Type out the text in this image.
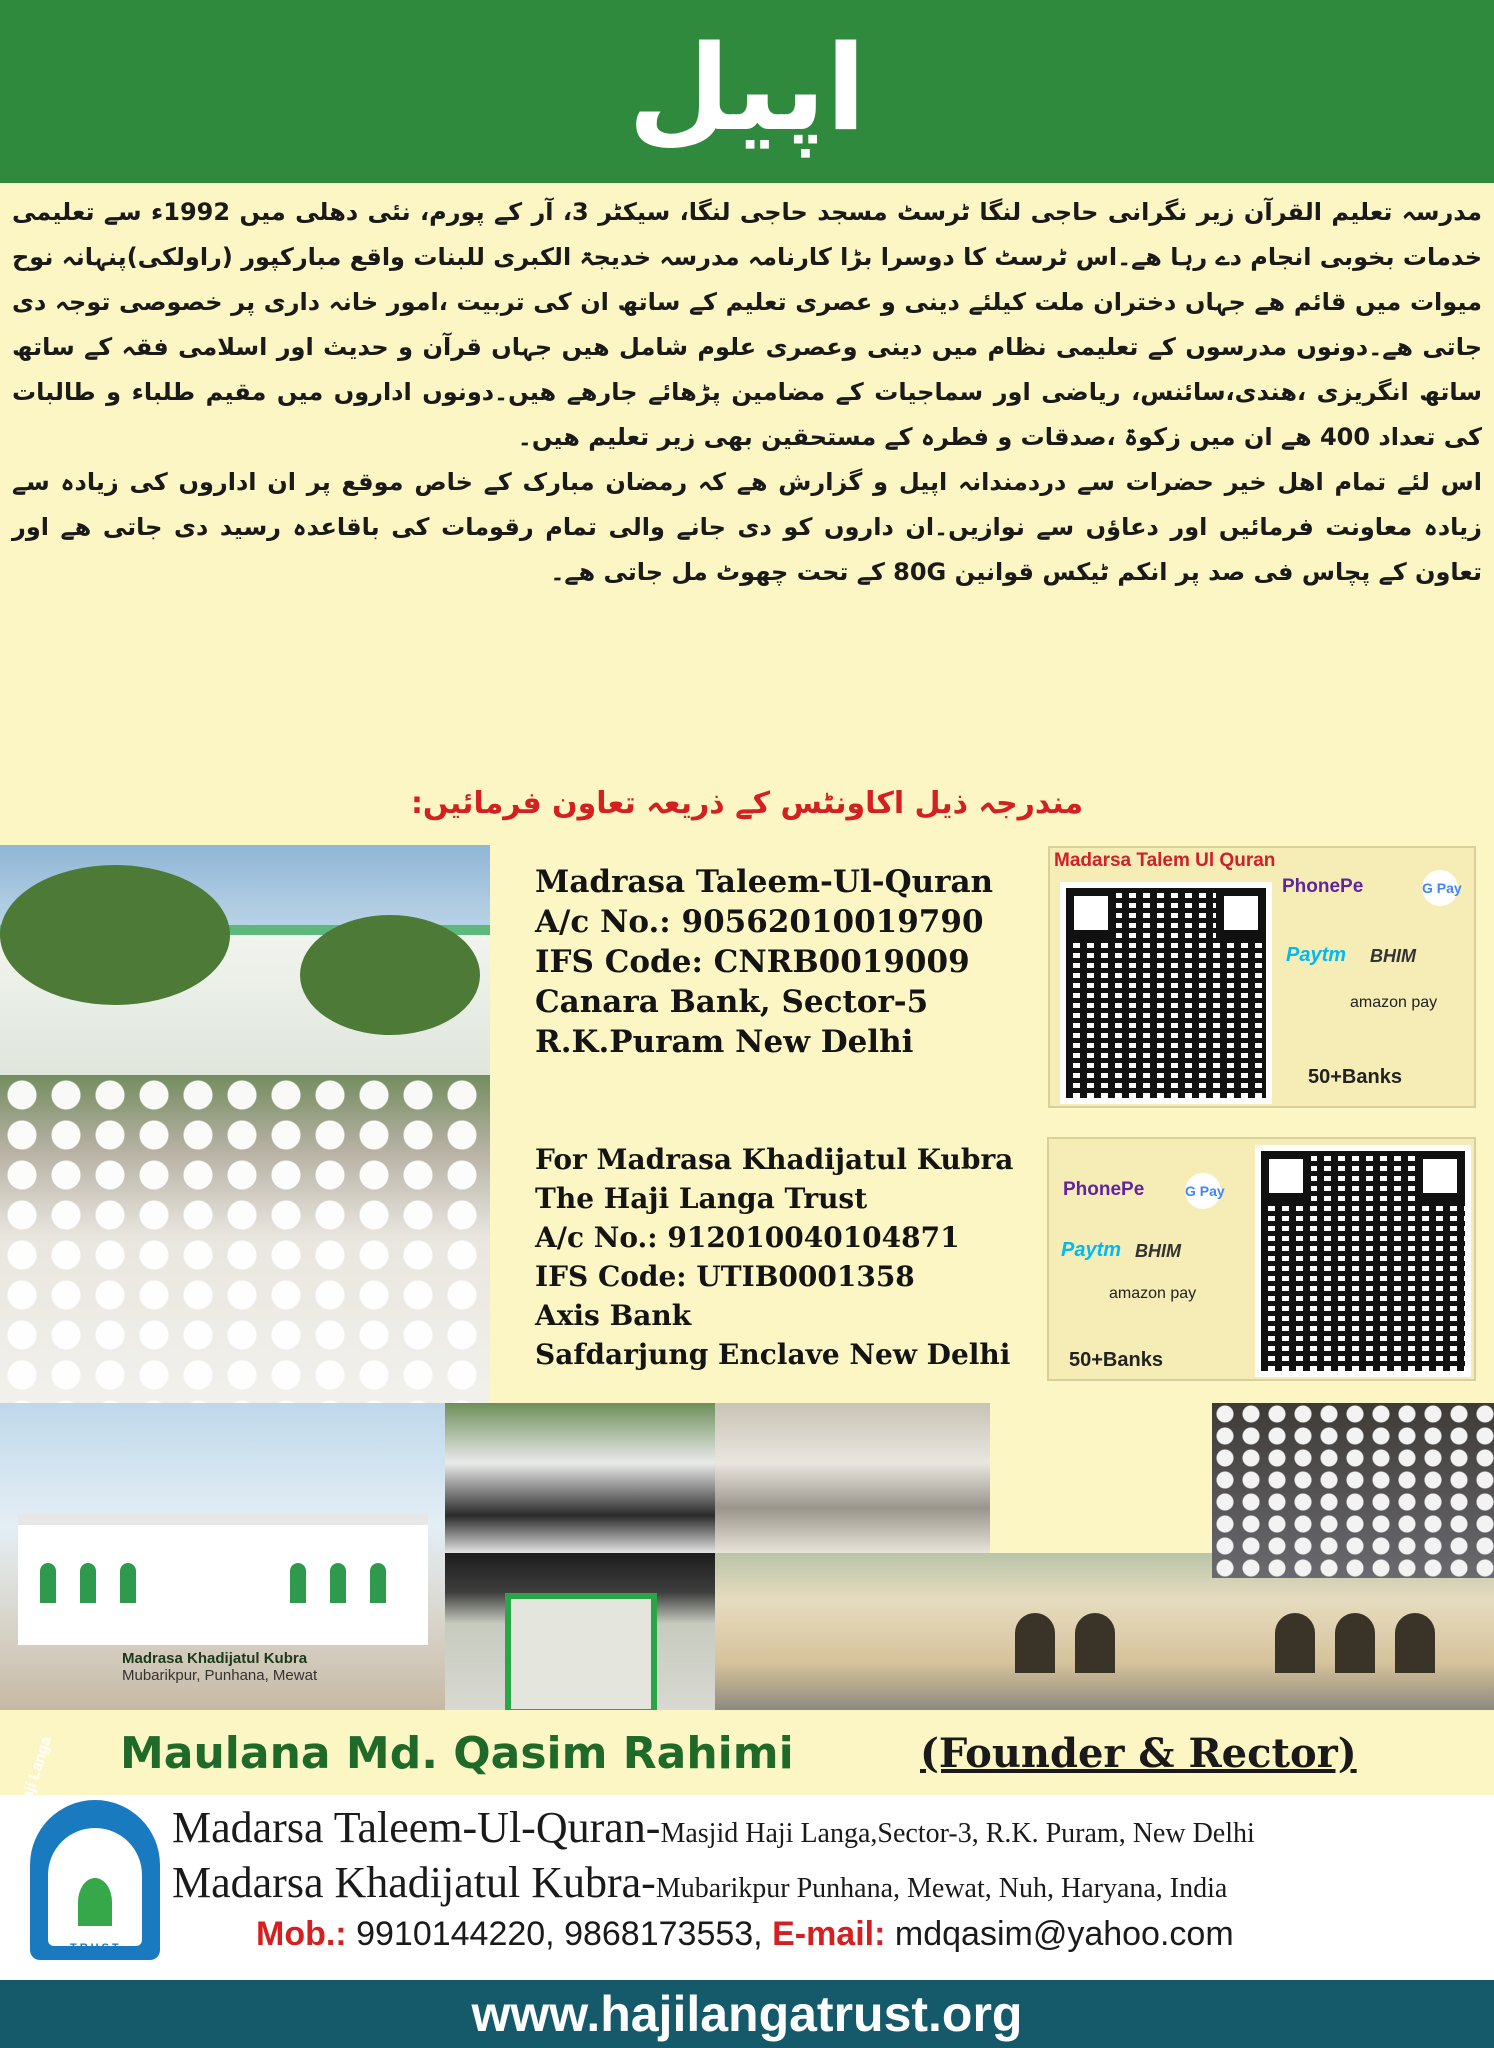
اپیل

مدرسہ تعلیم القرآن زیر نگرانی حاجی لنگا ٹرسٹ مسجد حاجی لنگا، سیکٹر 3، آر کے پورم، نئی دھلی میں 1992ء سے تعلیمی خدمات بخوبی انجام دے رہا ھے۔اس ٹرسٹ کا دوسرا بڑا کارنامہ مدرسہ خدیجۃ الکبری للبنات واقع مبارکپور (راولکی)پنہانہ نوح میوات میں قائم ھے جہاں دختران ملت کیلئے دینی و عصری تعلیم کے ساتھ ان کی تربیت ،امور خانہ داری پر خصوصی توجہ دی جاتی ھے۔دونوں مدرسوں کے تعلیمی نظام میں دینی وعصری علوم شامل ھیں جہاں قرآن و حدیث اور اسلامی فقہ کے ساتھ ساتھ انگریزی ،ھندی،سائنس، ریاضی اور سماجیات کے مضامین پڑھائے جارھے ھیں۔دونوں اداروں میں مقیم طلباء و طالبات کی تعداد 400 ھے ان میں زکوۃ ،صدقات و فطرہ کے مستحقین بھی زیر تعلیم ھیں۔

اس لئے تمام اھل خیر حضرات سے دردمندانہ اپیل و گزارش ھے کہ رمضان مبارک کے خاص موقع پر ان اداروں کی زیادہ سے زیادہ معاونت فرمائیں اور دعاؤں سے نوازیں۔ان داروں کو دی جانے والی تمام رقومات کی باقاعدہ رسید دی جاتی ھے اور تعاون کے پچاس فی صد پر انکم ٹیکس قوانین 80G کے تحت چھوٹ مل جاتی ھے۔

مندرجہ ذیل اکاونٹس کے ذریعہ تعاون فرمائیں:
Madrasa Taleem-Ul-Quran
A/c No.: 90562010019790
IFS Code: CNRB0019009
Canara Bank, Sector-5
R.K.Puram New Delhi
Madarsa Talem Ul Quran
PhonePe	G Pay
Paytm BHIM
amazon pay
50+Banks
For Madrasa Khadijatul Kubra
The Haji Langa Trust
A/c No.: 912010040104871
IFS Code: UTIB0001358
Axis Bank
Safdarjung Enclave New Delhi
PhonePe	G Pay
Paytm BHIM
amazon pay
50+Banks
Madrasa Khadijatul Kubra
Mubarikpur, Punhana, Mewat
Maulana Md. Qasim Rahimi	(Founder & Rector)
TRUST
Madarsa Taleem-Ul-Quran-Masjid Haji Langa,Sector-3, R.K. Puram, New Delhi
Madarsa Khadijatul Kubra-Mubarikpur Punhana, Mewat, Nuh, Haryana, India
Mob.: 9910144220, 9868173553, E-mail: mdqasim@yahoo.com
www.hajilangatrust.org
